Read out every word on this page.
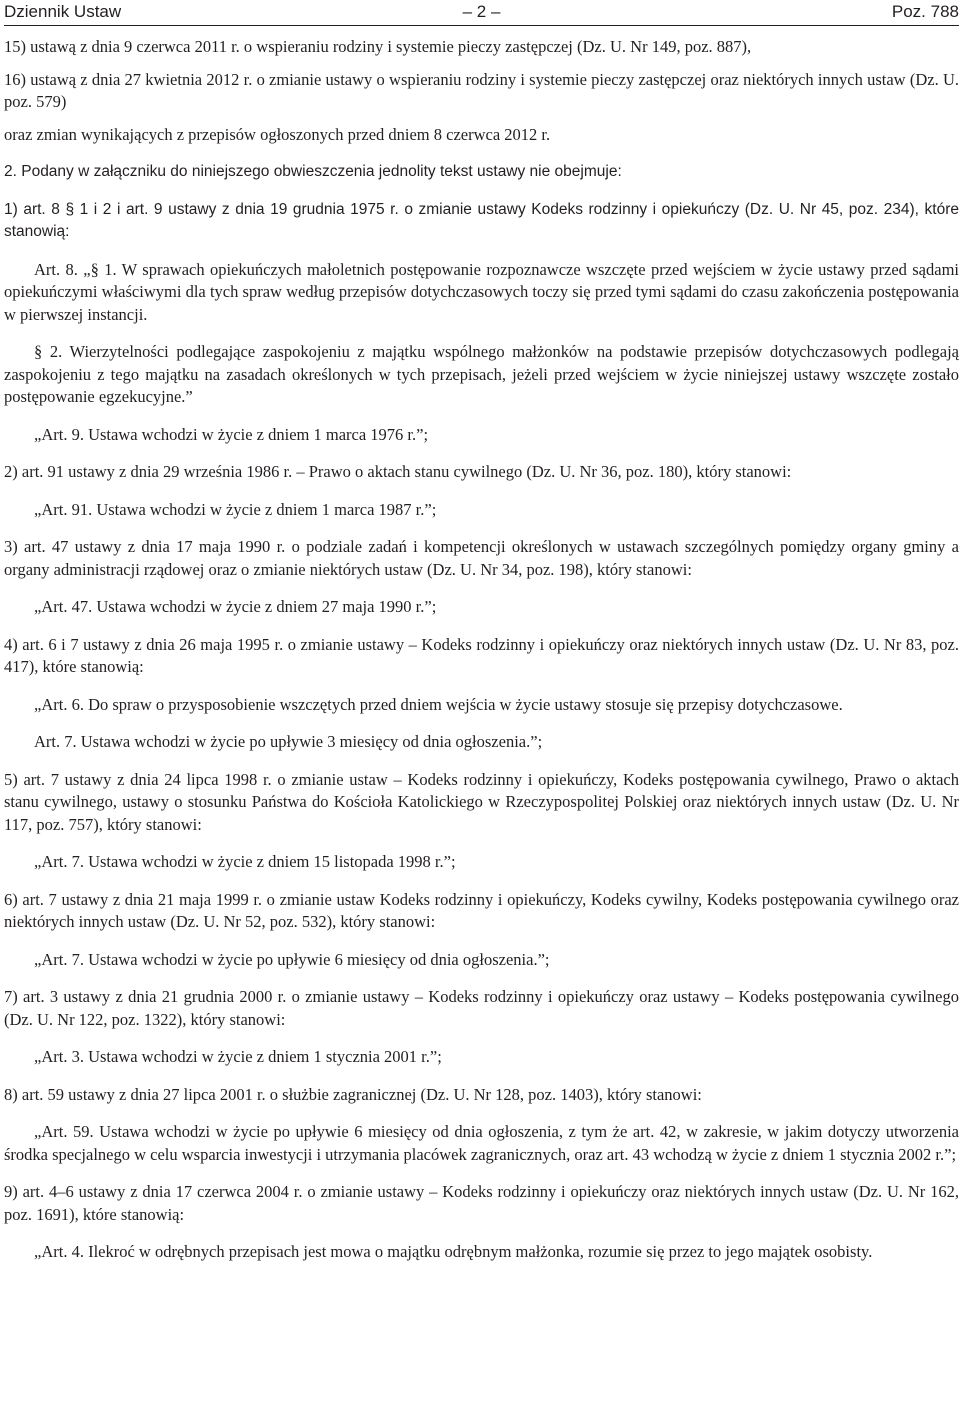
Dziennik Ustaw	– 2 –	Poz. 788

15) ustawą z dnia 9 czerwca 2011 r. o wspieraniu rodziny i systemie pieczy zastępczej (Dz. U. Nr 149, poz. 887),

16) ustawą z dnia 27 kwietnia 2012 r. o zmianie ustawy o wspieraniu rodziny i systemie pieczy zastępczej oraz niektórych innych ustaw (Dz. U. poz. 579)

oraz zmian wynikających z przepisów ogłoszonych przed dniem 8 czerwca 2012 r.

2. Podany w załączniku do niniejszego obwieszczenia jednolity tekst ustawy nie obejmuje:

1) art. 8 § 1 i 2 i art. 9 ustawy z dnia 19 grudnia 1975 r. o zmianie ustawy Kodeks rodzinny i opiekuńczy (Dz. U. Nr 45, poz. 234), które stanowią:

Art. 8. „§ 1. W sprawach opiekuńczych małoletnich postępowanie rozpoznawcze wszczęte przed wejściem w życie ustawy przed sądami opiekuńczymi właściwymi dla tych spraw według przepisów dotychczasowych toczy się przed tymi sądami do czasu zakończenia postępowania w pierwszej instancji.

§ 2. Wierzytelności podlegające zaspokojeniu z majątku wspólnego małżonków na podstawie przepisów dotychczasowych podlegają zaspokojeniu z tego majątku na zasadach określonych w tych przepisach, jeżeli przed wejściem w życie niniejszej ustawy wszczęte zostało postępowanie egzekucyjne.”

„Art. 9. Ustawa wchodzi w życie z dniem 1 marca 1976 r.”;

2) art. 91 ustawy z dnia 29 września 1986 r. – Prawo o aktach stanu cywilnego (Dz. U. Nr 36, poz. 180), który stanowi:

„Art. 91. Ustawa wchodzi w życie z dniem 1 marca 1987 r.”;

3) art. 47 ustawy z dnia 17 maja 1990 r. o podziale zadań i kompetencji określonych w ustawach szczególnych pomiędzy organy gminy a organy administracji rządowej oraz o zmianie niektórych ustaw (Dz. U. Nr 34, poz. 198), który stanowi:

„Art. 47. Ustawa wchodzi w życie z dniem 27 maja 1990 r.”;

4) art. 6 i 7 ustawy z dnia 26 maja 1995 r. o zmianie ustawy – Kodeks rodzinny i opiekuńczy oraz niektórych innych ustaw (Dz. U. Nr 83, poz. 417), które stanowią:

„Art. 6. Do spraw o przysposobienie wszczętych przed dniem wejścia w życie ustawy stosuje się przepisy dotychczasowe.

Art. 7. Ustawa wchodzi w życie po upływie 3 miesięcy od dnia ogłoszenia.”;

5) art. 7 ustawy z dnia 24 lipca 1998 r. o zmianie ustaw – Kodeks rodzinny i opiekuńczy, Kodeks postępowania cywilnego, Prawo o aktach stanu cywilnego, ustawy o stosunku Państwa do Kościoła Katolickiego w Rzeczypospolitej Polskiej oraz niektórych innych ustaw (Dz. U. Nr 117, poz. 757), który stanowi:

„Art. 7. Ustawa wchodzi w życie z dniem 15 listopada 1998 r.”;

6) art. 7 ustawy z dnia 21 maja 1999 r. o zmianie ustaw Kodeks rodzinny i opiekuńczy, Kodeks cywilny, Kodeks postępowania cywilnego oraz niektórych innych ustaw (Dz. U. Nr 52, poz. 532), który stanowi:

„Art. 7. Ustawa wchodzi w życie po upływie 6 miesięcy od dnia ogłoszenia.”;

7) art. 3 ustawy z dnia 21 grudnia 2000 r. o zmianie ustawy – Kodeks rodzinny i opiekuńczy oraz ustawy – Kodeks postępowania cywilnego (Dz. U. Nr 122, poz. 1322), który stanowi:

„Art. 3. Ustawa wchodzi w życie z dniem 1 stycznia 2001 r.”;

8) art. 59 ustawy z dnia 27 lipca 2001 r. o służbie zagranicznej (Dz. U. Nr 128, poz. 1403), który stanowi:

„Art. 59. Ustawa wchodzi w życie po upływie 6 miesięcy od dnia ogłoszenia, z tym że art. 42, w zakresie, w jakim dotyczy utworzenia środka specjalnego w celu wsparcia inwestycji i utrzymania placówek zagranicznych, oraz art. 43 wchodzą w życie z dniem 1 stycznia 2002 r.”;

9) art. 4–6 ustawy z dnia 17 czerwca 2004 r. o zmianie ustawy – Kodeks rodzinny i opiekuńczy oraz niektórych innych ustaw (Dz. U. Nr 162, poz. 1691), które stanowią:

„Art. 4. Ilekroć w odrębnych przepisach jest mowa o majątku odrębnym małżonka, rozumie się przez to jego majątek osobisty.
